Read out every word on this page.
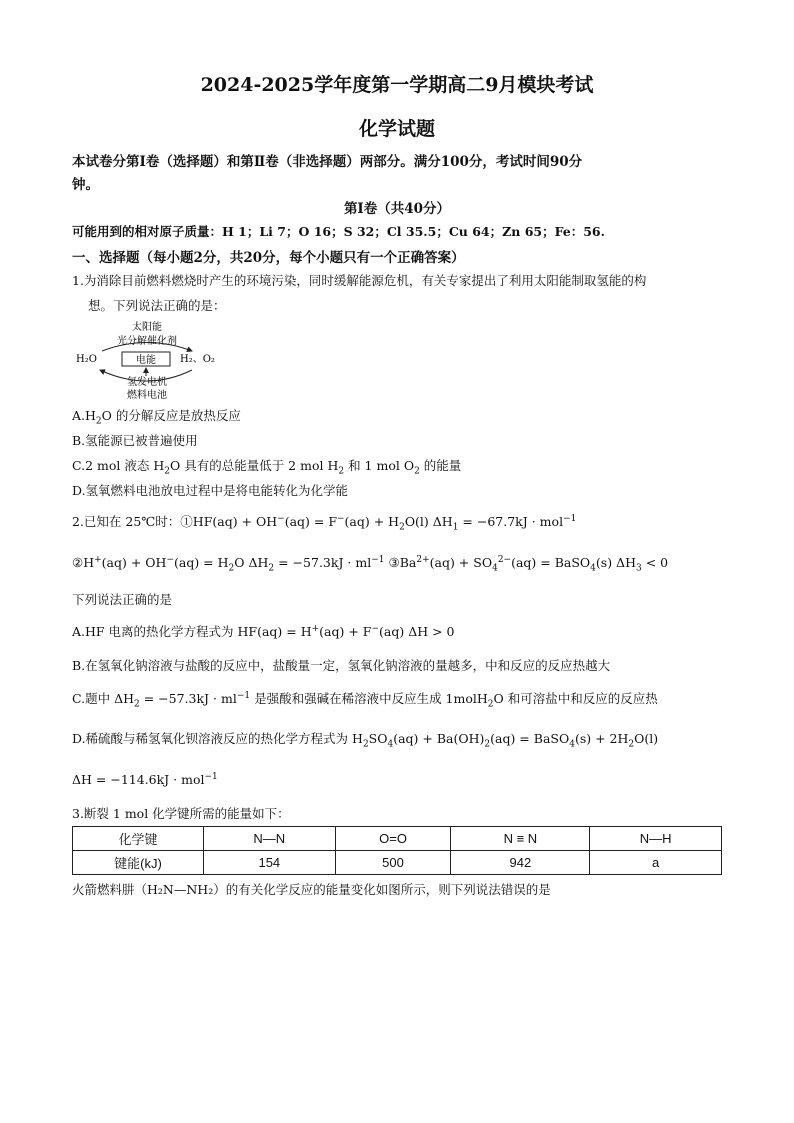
2024-2025学年度第一学期高二9月模块考试
化学试题
本试卷分第Ⅰ卷（选择题）和第Ⅱ卷（非选择题）两部分。满分100分，考试时间90分
钟。
第Ⅰ卷（共40分）
可能用到的相对原子质量：H 1；Li 7；O 16；S 32；Cl 35.5；Cu 64；Zn 65；Fe：56.
一、选择题（每小题2分，共20分，每个小题只有一个正确答案）
1.为消除目前燃料燃烧时产生的环境污染，同时缓解能源危机，有关专家提出了利用太阳能制取氢能的构
想。下列说法正确的是：
太阳能
光分解催化剂
H₂O	电能 H₂、O₂
氢发电机
燃料电池
$A.H_2O$ 的分解反应是放热反应
B.氢能源已被普遍使用
C.2 mol 液态 $H_2O$ 具有的总能量低于 2 mol $H_2$ 和 1 mol $O_2$ 的能量
D.氢氧燃料电池放电过程中是将电能转化为化学能
2.已知在 25℃时：①HF(aq) + $OH^-(aq) = F^-(aq) + H_2O(l) \Delta H_1 = -67.7kJ \cdot mol^{-1}$
②H+(aq) + $OH^-(aq) = H_2O$ $\Delta H_2 = -57.3kJ \cdot ml^{-1}$ $③Ba^{2+}(aq) + SO_4^{2-}(aq)$ = BaSO$_4$(s) $\Delta H_3 < 0$
下列说法正确的是
A.HF 电离的热化学方程式为 HF(aq) = H+(aq) + F−(aq) ΔH > 0
B.在氢氧化钠溶液与盐酸的反应中，盐酸量一定，氢氧化钠溶液的量越多，中和反应的反应热越大
C.题中 $\Delta H_2 = -57.3kJ \cdot ml^{-1}$ 是强酸和强碱在稀溶液中反应生成 1molH$_2$O 和可溶盐中和反应的反应热
D.稀硫酸与稀氢氧化钡溶液反应的热化学方程式为 $H_2SO_4(aq) + Ba(OH)_2(aq)$ = BaSO$_4$(s) + $2H_2O(l)$
ΔH = −114.6kJ · mol$^{-1}$
3.断裂 1 mol 化学键所需的能量如下：
化学键	N—N	O=O	N ≡ N	N—H
键能(kJ)	154	500	942	a
火箭燃料肼（H₂N—NH₂）的有关化学反应的能量变化如图所示，则下列说法错误的是
